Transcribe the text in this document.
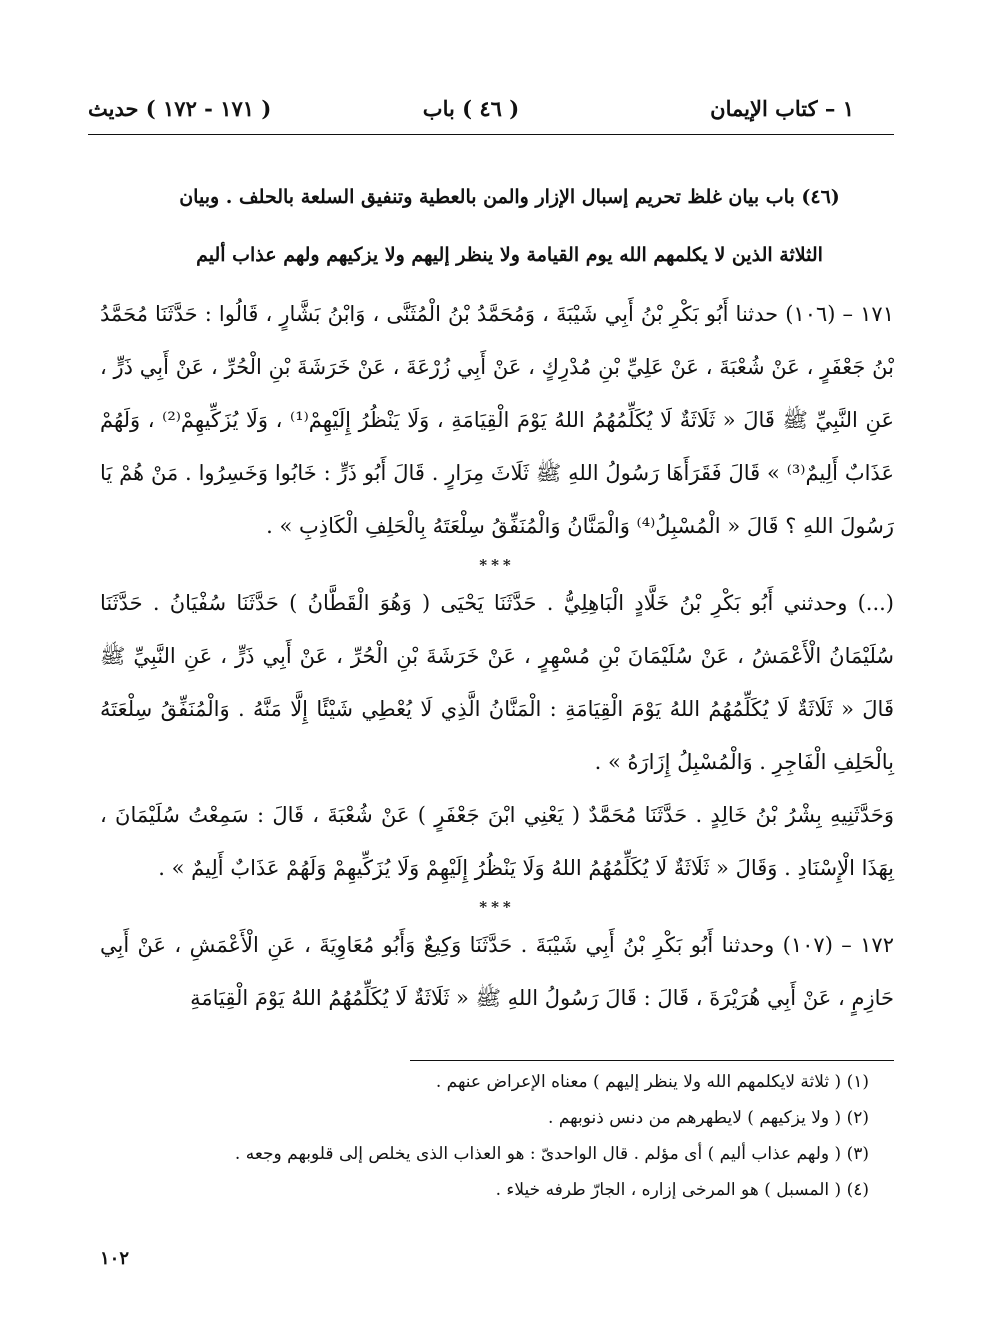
١ – كتاب الإيمان
( ٤٦ ) باب
( ١٧١ - ١٧٢ ) حديث
(٤٦) باب بيان غلظ تحريم إسبال الإزار والمن بالعطية وتنفيق السلعة بالحلف . وبيان الثلاثة الذين لا يكلمهم الله يوم القيامة ولا ينظر إليهم ولا يزكيهم ولهم عذاب أليم

١٧١ – (١٠٦) حدثنا أَبُو بَكْرِ بْنُ أَبِي شَيْبَةَ ، وَمُحَمَّدُ بْنُ الْمُثَنَّى ، وَابْنُ بَشَّارٍ ، قَالُوا : حَدَّثَنَا مُحَمَّدُ بْنُ جَعْفَرٍ ، عَنْ شُعْبَةَ ، عَنْ عَلِيِّ بْنِ مُدْرِكٍ ، عَنْ أَبِي زُرْعَةَ ، عَنْ خَرَشَةَ بْنِ الْحُرِّ ، عَنْ أَبِي ذَرٍّ ، عَنِ النَّبِيِّ ﷺ قَالَ « ثَلَاثَةٌ لَا يُكَلِّمُهُمُ اللهُ يَوْمَ الْقِيَامَةِ ، وَلَا يَنْظُرُ إِلَيْهِمْ⁽¹⁾ ، وَلَا يُزَكِّيهِمْ⁽²⁾ ، وَلَهُمْ عَذَابٌ أَلِيمٌ⁽³⁾ » قَالَ فَقَرَأَهَا رَسُولُ اللهِ ﷺ ثَلَاثَ مِرَارٍ . قَالَ أَبُو ذَرٍّ : خَابُوا وَخَسِرُوا . مَنْ هُمْ يَا رَسُولَ اللهِ ؟ قَالَ « الْمُسْبِلُ⁽⁴⁾ وَالْمَنَّانُ وَالْمُنَفِّقُ سِلْعَتَهُ بِالْحَلِفِ الْكَاذِبِ » .

***

(...) وحدثني أَبُو بَكْرِ بْنُ خَلَّادٍ الْبَاهِلِيُّ . حَدَّثَنَا يَحْيَى ( وَهُوَ الْقَطَّانُ ) حَدَّثَنَا سُفْيَانُ . حَدَّثَنَا سُلَيْمَانُ الْأَعْمَشُ ، عَنْ سُلَيْمَانَ بْنِ مُسْهِرٍ ، عَنْ خَرَشَةَ بْنِ الْحُرِّ ، عَنْ أَبِي ذَرٍّ ، عَنِ النَّبِيِّ ﷺ قَالَ « ثَلَاثَةٌ لَا يُكَلِّمُهُمُ اللهُ يَوْمَ الْقِيَامَةِ : الْمَنَّانُ الَّذِي لَا يُعْطِي شَيْئًا إِلَّا مَنَّهُ . وَالْمُنَفِّقُ سِلْعَتَهُ بِالْحَلِفِ الْفَاجِرِ . وَالْمُسْبِلُ إِزَارَهُ » .

وَحَدَّثَنِيهِ بِشْرُ بْنُ خَالِدٍ . حَدَّثَنَا مُحَمَّدٌ ( يَعْنِي ابْنَ جَعْفَرٍ ) عَنْ شُعْبَةَ ، قَالَ : سَمِعْتُ سُلَيْمَانَ ، بِهَذَا الْإِسْنَادِ . وَقَالَ « ثَلَاثَةٌ لَا يُكَلِّمُهُمُ اللهُ وَلَا يَنْظُرُ إِلَيْهِمْ وَلَا يُزَكِّيهِمْ وَلَهُمْ عَذَابٌ أَلِيمٌ » .

***

١٧٢ – (١٠٧) وحدثنا أَبُو بَكْرِ بْنُ أَبِي شَيْبَةَ . حَدَّثَنَا وَكِيعٌ وَأَبُو مُعَاوِيَةَ ، عَنِ الْأَعْمَشِ ، عَنْ أَبِي حَازِمٍ ، عَنْ أَبِي هُرَيْرَةَ ، قَالَ : قَالَ رَسُولُ اللهِ ﷺ « ثَلَاثَةٌ لَا يُكَلِّمُهُمُ اللهُ يَوْمَ الْقِيَامَةِ

(١) ( ثلاثة لايكلمهم الله ولا ينظر إليهم ) معناه الإعراض عنهم .
(٢) ( ولا يزكيهم ) لايطهرهم من دنس ذنوبهم .
(٣) ( ولهم عذاب أليم ) أى مؤلم . قال الواحدىّ : هو العذاب الذى يخلص إلى قلوبهم وجعه .
(٤) ( المسبل ) هو المرخى إزاره ، الجارّ طرفه خيلاء .
١٠٢
